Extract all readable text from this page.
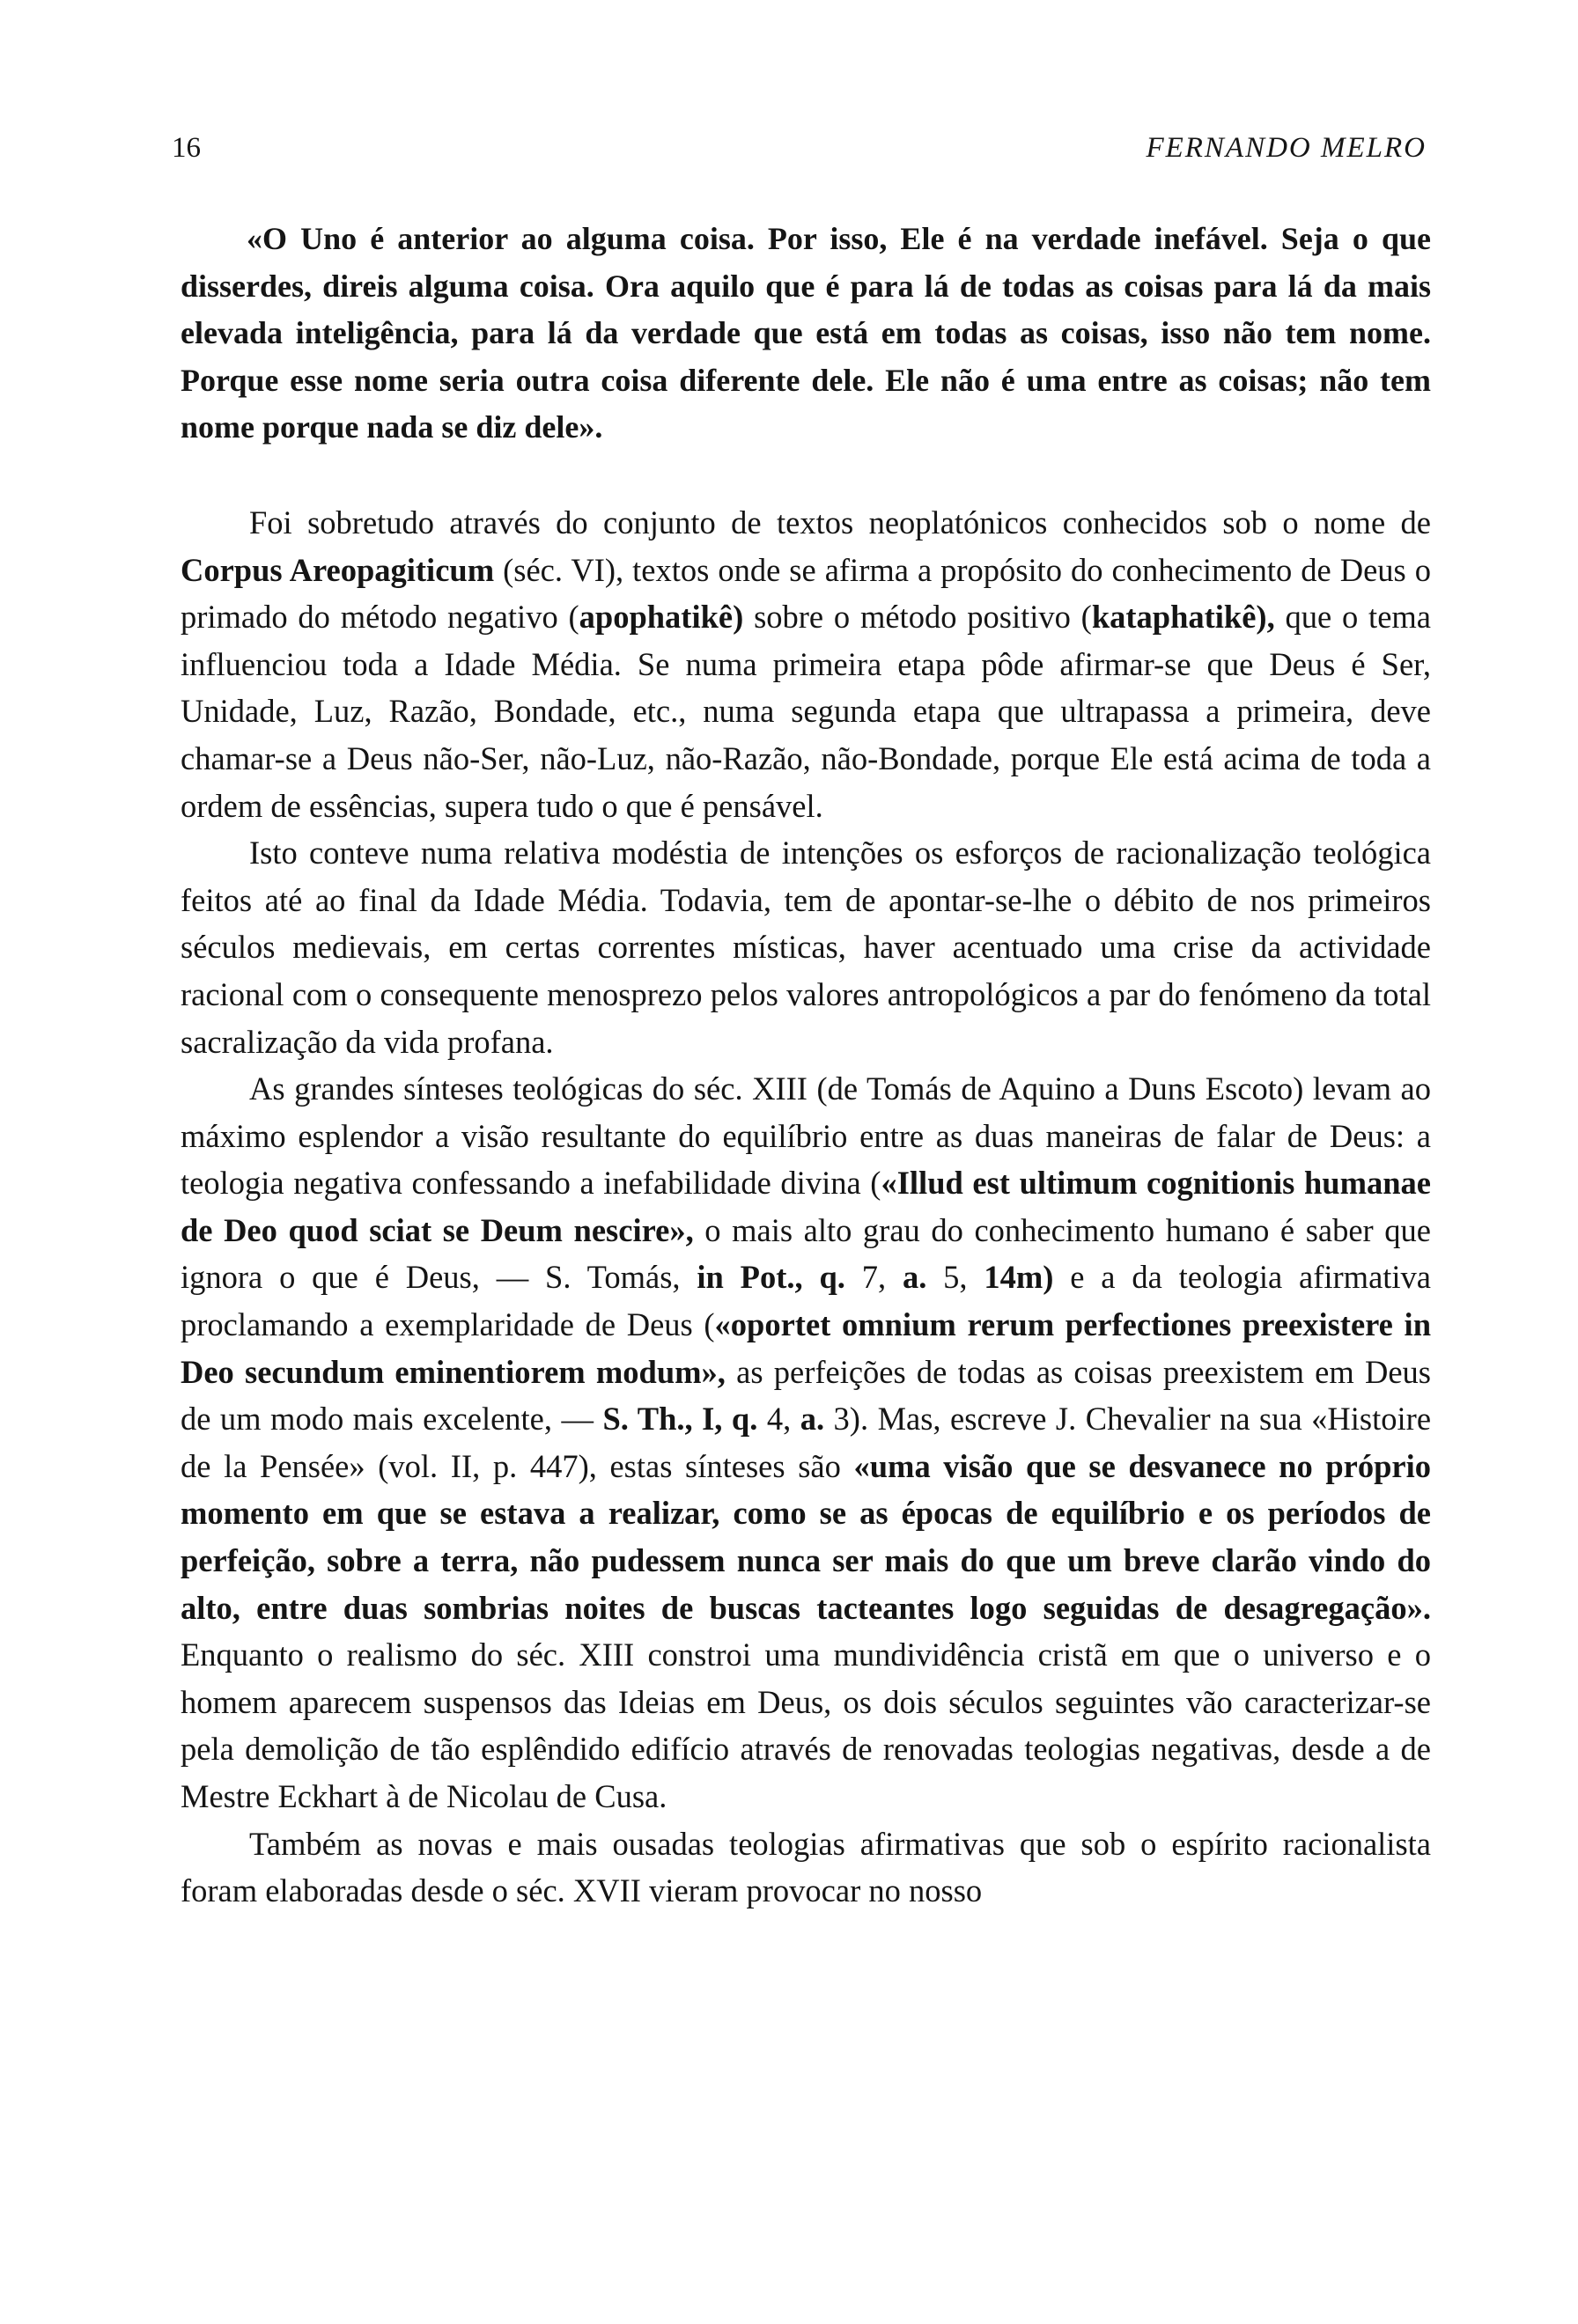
16	FERNANDO MELRO

«O Uno é anterior ao alguma coisa. Por isso, Ele é na verdade inefável. Seja o que disserdes, direis alguma coisa. Ora aquilo que é para lá de todas as coisas para lá da mais elevada inteligência, para lá da verdade que está em todas as coisas, isso não tem nome. Porque esse nome seria outra coisa diferente dele. Ele não é uma entre as coisas; não tem nome porque nada se diz dele».

Foi sobretudo através do conjunto de textos neoplatónicos conhecidos sob o nome de Corpus Areopagiticum (séc. VI), textos onde se afirma a propósito do conhecimento de Deus o primado do método negativo (apophatikê) sobre o método positivo (kataphatikê), que o tema influenciou toda a Idade Média. Se numa primeira etapa pôde afirmar-se que Deus é Ser, Unidade, Luz, Razão, Bondade, etc., numa segunda etapa que ultrapassa a primeira, deve chamar-se a Deus não-Ser, não-Luz, não-Razão, não-Bondade, porque Ele está acima de toda a ordem de essências, supera tudo o que é pensável.

Isto conteve numa relativa modéstia de intenções os esforços de racionalização teológica feitos até ao final da Idade Média. Todavia, tem de apontar-se-lhe o débito de nos primeiros séculos medievais, em certas correntes místicas, haver acentuado uma crise da actividade racional com o consequente menosprezo pelos valores antropológicos a par do fenómeno da total sacralização da vida profana.

As grandes sínteses teológicas do séc. XIII (de Tomás de Aquino a Duns Escoto) levam ao máximo esplendor a visão resultante do equilíbrio entre as duas maneiras de falar de Deus: a teologia negativa confessando a inefabilidade divina («Illud est ultimum cognitionis humanae de Deo quod sciat se Deum nescire», o mais alto grau do conhecimento humano é saber que ignora o que é Deus, — S. Tomás, in Pot., q. 7, a. 5, 14m) e a da teologia afirmativa proclamando a exemplaridade de Deus («oportet omnium rerum perfectiones preexistere in Deo secundum eminentiorem modum», as perfeições de todas as coisas preexistem em Deus de um modo mais excelente, — S. Th., I, q. 4, a. 3). Mas, escreve J. Chevalier na sua «Histoire de la Pensée» (vol. II, p. 447), estas sínteses são «uma visão que se desvanece no próprio momento em que se estava a realizar, como se as épocas de equilíbrio e os períodos de perfeição, sobre a terra, não pudessem nunca ser mais do que um breve clarão vindo do alto, entre duas sombrias noites de buscas tacteantes logo seguidas de desagregação». Enquanto o realismo do séc. XIII constroi uma mundividência cristã em que o universo e o homem aparecem suspensos das Ideias em Deus, os dois séculos seguintes vão caracterizar-se pela demolição de tão esplêndido edifício através de renovadas teologias negativas, desde a de Mestre Eckhart à de Nicolau de Cusa.

Também as novas e mais ousadas teologias afirmativas que sob o espírito racionalista foram elaboradas desde o séc. XVII vieram provocar no nosso
